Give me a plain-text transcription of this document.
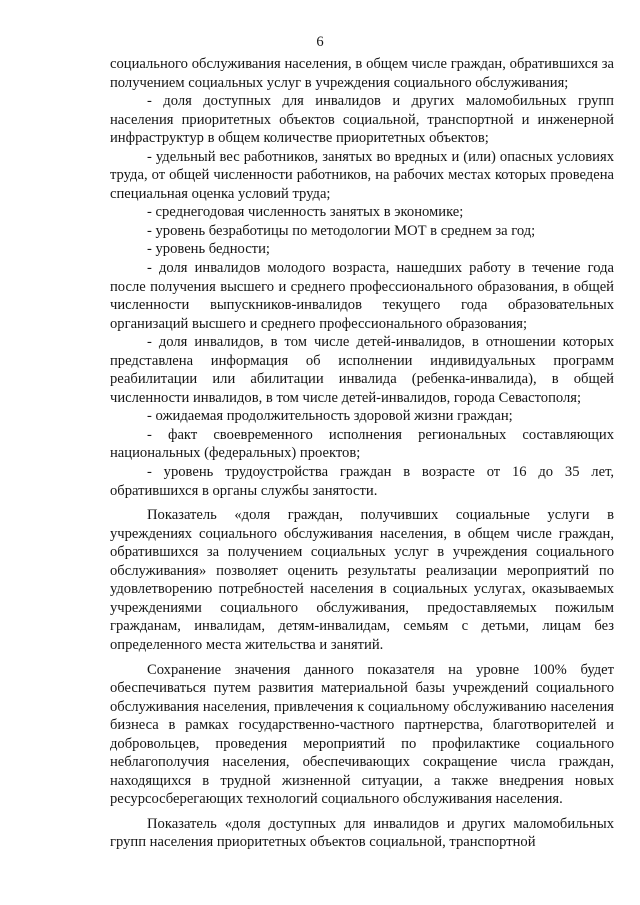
6

социального обслуживания населения, в общем числе граждан, обратившихся за получением социальных услуг в учреждения социального обслуживания;

- доля доступных для инвалидов и других маломобильных групп населения приоритетных объектов социальной, транспортной и инженерной инфраструктур в общем количестве приоритетных объектов;

- удельный вес работников, занятых во вредных и (или) опасных условиях труда, от общей численности работников, на рабочих местах которых проведена специальная оценка условий труда;

- среднегодовая численность занятых в экономике;

- уровень безработицы по методологии МОТ в среднем за год;

- уровень бедности;

- доля инвалидов молодого возраста, нашедших работу в течение года после получения высшего и среднего профессионального образования, в общей численности выпускников-инвалидов текущего года образовательных организаций высшего и среднего профессионального образования;

- доля инвалидов, в том числе детей-инвалидов, в отношении которых представлена информация об исполнении индивидуальных программ реабилитации или абилитации инвалида (ребенка-инвалида), в общей численности инвалидов, в том числе детей-инвалидов, города Севастополя;

- ожидаемая продолжительность здоровой жизни граждан;

- факт своевременного исполнения региональных составляющих национальных (федеральных) проектов;

- уровень трудоустройства граждан в возрасте от 16 до 35 лет, обратившихся в органы службы занятости.

Показатель «доля граждан, получивших социальные услуги в учреждениях социального обслуживания населения, в общем числе граждан, обратившихся за получением социальных услуг в учреждения социального обслуживания» позволяет оценить результаты реализации мероприятий по удовлетворению потребностей населения в социальных услугах, оказываемых учреждениями социального обслуживания, предоставляемых пожилым гражданам, инвалидам, детям-инвалидам, семьям с детьми, лицам без определенного места жительства и занятий.

Сохранение значения данного показателя на уровне 100% будет обеспечиваться путем развития материальной базы учреждений социального обслуживания населения, привлечения к социальному обслуживанию населения бизнеса в рамках государственно-частного партнерства, благотворителей и добровольцев, проведения мероприятий по профилактике социального неблагополучия населения, обеспечивающих сокращение числа граждан, находящихся в трудной жизненной ситуации, а также внедрения новых ресурсосберегающих технологий социального обслуживания населения.

Показатель «доля доступных для инвалидов и других маломобильных групп населения приоритетных объектов социальной, транспортной
